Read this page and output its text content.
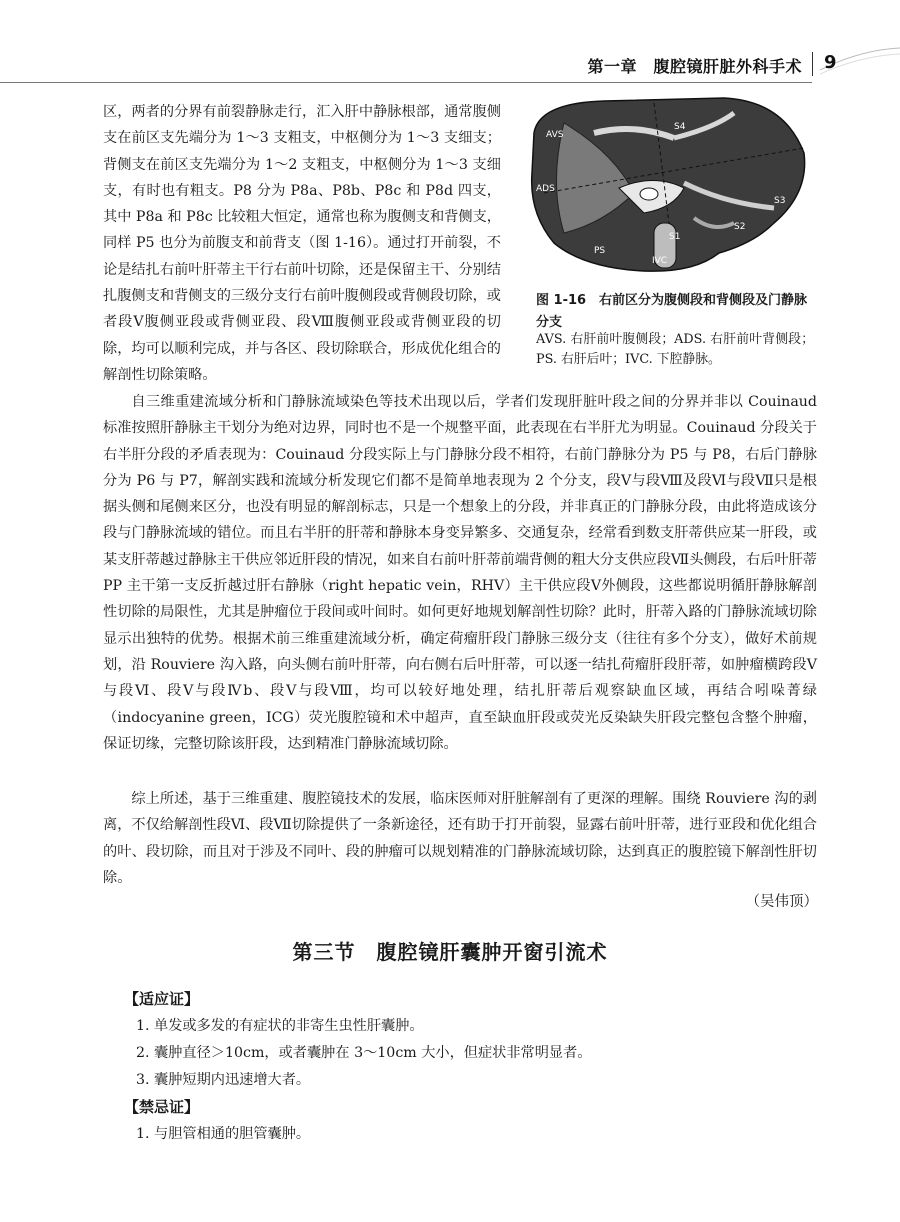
第一章　腹腔镜肝脏外科手术 9

区，两者的分界有前裂静脉走行，汇入肝中静脉根部，通常腹侧支在前区支先端分为 1～3 支粗支，中枢侧分为 1～3 支细支；背侧支在前区支先端分为 1～2 支粗支，中枢侧分为 1～3 支细支，有时也有粗支。P8 分为 P8a、P8b、P8c 和 P8d 四支，其中 P8a 和 P8c 比较粗大恒定，通常也称为腹侧支和背侧支，同样 P5 也分为前腹支和前背支（图 1-16）。通过打开前裂，不论是结扎右前叶肝蒂主干行右前叶切除，还是保留主干、分别结扎腹侧支和背侧支的三级分支行右前叶腹侧段或背侧段切除，或者段Ⅴ腹侧亚段或背侧亚段、段Ⅷ腹侧亚段或背侧亚段的切除，均可以顺利完成，并与各区、段切除联合，形成优化组合的解剖性切除策略。

AVS
ADS
S4
S3
S2
S1
PS
IVC
图 1-16　右前区分为腹侧段和背侧段及门静脉分支
AVS. 右肝前叶腹侧段；ADS. 右肝前叶背侧段；PS. 右肝后叶；IVC. 下腔静脉。

自三维重建流域分析和门静脉流域染色等技术出现以后，学者们发现肝脏叶段之间的分界并非以 Couinaud 标准按照肝静脉主干划分为绝对边界，同时也不是一个规整平面，此表现在右半肝尤为明显。Couinaud 分段关于右半肝分段的矛盾表现为：Couinaud 分段实际上与门静脉分段不相符，右前门静脉分为 P5 与 P8，右后门静脉分为 P6 与 P7，解剖实践和流域分析发现它们都不是简单地表现为 2 个分支，段Ⅴ与段Ⅷ及段Ⅵ与段Ⅶ只是根据头侧和尾侧来区分，也没有明显的解剖标志，只是一个想象上的分段，并非真正的门静脉分段，由此将造成该分段与门静脉流域的错位。而且右半肝的肝蒂和静脉本身变异繁多、交通复杂，经常看到数支肝蒂供应某一肝段，或某支肝蒂越过静脉主干供应邻近肝段的情况，如来自右前叶肝蒂前端背侧的粗大分支供应段Ⅶ头侧段，右后叶肝蒂 PP 主干第一支反折越过肝右静脉（right hepatic vein，RHV）主干供应段Ⅴ外侧段，这些都说明循肝静脉解剖性切除的局限性，尤其是肿瘤位于段间或叶间时。如何更好地规划解剖性切除？此时，肝蒂入路的门静脉流域切除显示出独特的优势。根据术前三维重建流域分析，确定荷瘤肝段门静脉三级分支（往往有多个分支），做好术前规划，沿 Rouviere 沟入路，向头侧右前叶肝蒂，向右侧右后叶肝蒂，可以逐一结扎荷瘤肝段肝蒂，如肿瘤横跨段Ⅴ与段Ⅵ、段Ⅴ与段Ⅳb、段Ⅴ与段Ⅷ，均可以较好地处理，结扎肝蒂后观察缺血区域，再结合吲哚菁绿（indocyanine green，ICG）荧光腹腔镜和术中超声，直至缺血肝段或荧光反染缺失肝段完整包含整个肿瘤，保证切缘，完整切除该肝段，达到精准门静脉流域切除。

综上所述，基于三维重建、腹腔镜技术的发展，临床医师对肝脏解剖有了更深的理解。围绕 Rouviere 沟的剥离，不仅给解剖性段Ⅵ、段Ⅶ切除提供了一条新途径，还有助于打开前裂，显露右前叶肝蒂，进行亚段和优化组合的叶、段切除，而且对于涉及不同叶、段的肿瘤可以规划精准的门静脉流域切除，达到真正的腹腔镜下解剖性肝切除。

（吴伟顶）
第三节　腹腔镜肝囊肿开窗引流术
【适应证】
1. 单发或多发的有症状的非寄生虫性肝囊肿。
2. 囊肿直径＞10cm，或者囊肿在 3～10cm 大小，但症状非常明显者。
3. 囊肿短期内迅速增大者。
【禁忌证】
1. 与胆管相通的胆管囊肿。
